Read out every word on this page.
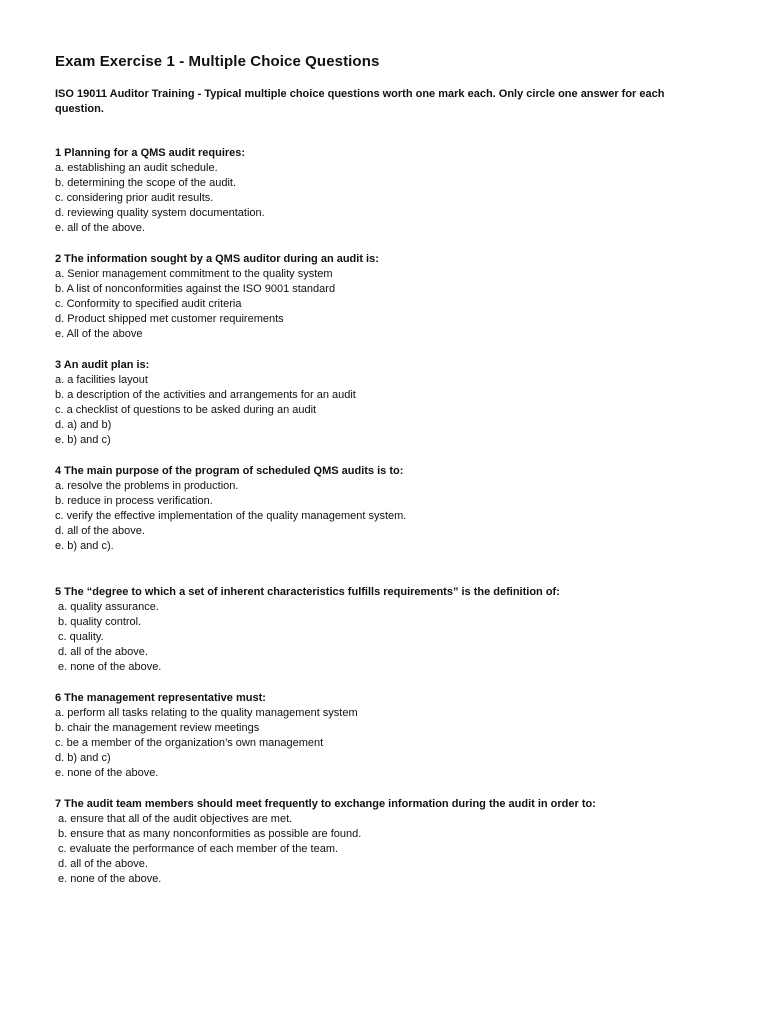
Exam Exercise 1 - Multiple Choice Questions

ISO 19011 Auditor Training - Typical multiple choice questions worth one mark each. Only circle one answer for each question.

1 Planning for a QMS audit requires:
a. establishing an audit schedule.
b. determining the scope of the audit.
c. considering prior audit results.
d. reviewing quality system documentation.
e. all of the above.
2 The information sought by a QMS auditor during an audit is:
a. Senior management commitment to the quality system
b. A list of nonconformities against the ISO 9001 standard
c. Conformity to specified audit criteria
d. Product shipped met customer requirements
e. All of the above
3 An audit plan is:
a. a facilities layout
b. a description of the activities and arrangements for an audit
c. a checklist of questions to be asked during an audit
d. a) and b)
e. b) and c)
4 The main purpose of the program of scheduled QMS audits is to:
a. resolve the problems in production.
b. reduce in process verification.
c. verify the effective implementation of the quality management system.
d. all of the above.
e. b) and c).
5 The “degree to which a set of inherent characteristics fulfills requirements” is the definition of:
a. quality assurance.
b. quality control.
c. quality.
d. all of the above.
e. none of the above.
6 The management representative must:
a. perform all tasks relating to the quality management system
b. chair the management review meetings
c. be a member of the organization’s own management
d. b) and c)
e. none of the above.
7 The audit team members should meet frequently to exchange information during the audit in order to:
a. ensure that all of the audit objectives are met.
b. ensure that as many nonconformities as possible are found.
c. evaluate the performance of each member of the team.
d. all of the above.
e. none of the above.
